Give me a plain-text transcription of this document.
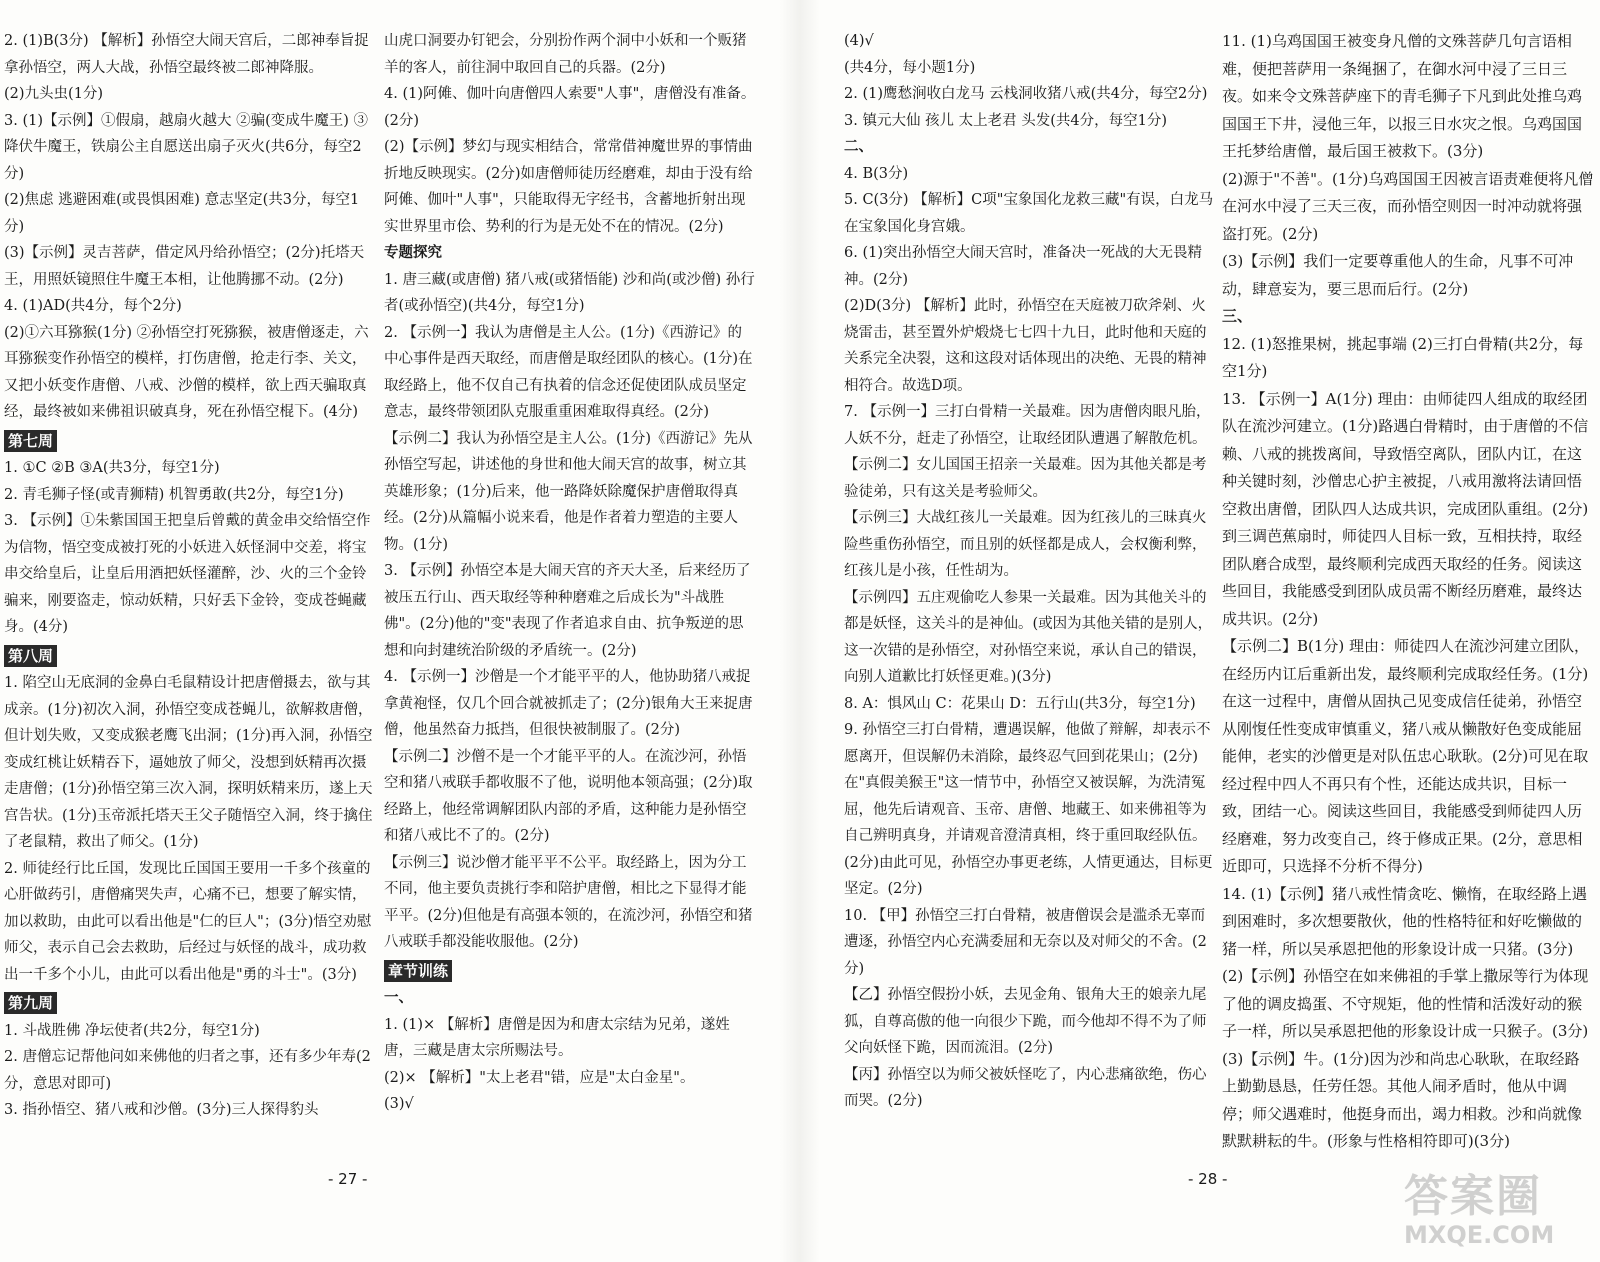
2. (1)B(3分) 【解析】孙悟空大闹天宫后，二郎神奉旨捉拿孙悟空，两人大战，孙悟空最终被二郎神降服。

(2)九头虫(1分)

3. (1)【示例】①假扇，越扇火越大 ②骗(变成牛魔王) ③降伏牛魔王，铁扇公主自愿送出扇子灭火(共6分，每空2分)

(2)焦虑 逃避困难(或畏惧困难) 意志坚定(共3分，每空1分)

(3)【示例】灵吉菩萨，借定风丹给孙悟空；(2分)托塔天王，用照妖镜照住牛魔王本相，让他腾挪不动。(2分)

4. (1)AD(共4分，每个2分)

(2)①六耳猕猴(1分) ②孙悟空打死猕猴，被唐僧逐走，六耳猕猴变作孙悟空的模样，打伤唐僧，抢走行李、关文，又把小妖变作唐僧、八戒、沙僧的模样，欲上西天骗取真经，最终被如来佛祖识破真身，死在孙悟空棍下。(4分)

第七周

1. ①C ②B ③A(共3分，每空1分)

2. 青毛狮子怪(或青狮精) 机智勇敢(共2分，每空1分)

3. 【示例】①朱紫国国王把皇后曾戴的黄金串交给悟空作为信物，悟空变成被打死的小妖进入妖怪洞中交差，将宝串交给皇后，让皇后用酒把妖怪灌醉，沙、火的三个金铃骗来，刚要盗走，惊动妖精，只好丢下金铃，变成苍蝇藏身。(4分)

第八周

1. 陷空山无底洞的金鼻白毛鼠精设计把唐僧摄去，欲与其成亲。(1分)初次入洞，孙悟空变成苍蝇儿，欲解救唐僧，但计划失败，又变成猴老鹰飞出洞；(1分)再入洞，孙悟空变成红桃让妖精吞下，逼她放了师父，没想到妖精再次摄走唐僧；(1分)孙悟空第三次入洞，探明妖精来历，遂上天宫告状。(1分)玉帝派托塔天王父子随悟空入洞，终于擒住了老鼠精，救出了师父。(1分)

2. 师徒经行比丘国，发现比丘国国王要用一千多个孩童的心肝做药引，唐僧痛哭失声，心痛不已，想要了解实情，加以救助，由此可以看出他是"仁的巨人"；(3分)悟空劝慰师父，表示自己会去救助，后经过与妖怪的战斗，成功救出一千多个小儿，由此可以看出他是"勇的斗士"。(3分)

第九周

1. 斗战胜佛 净坛使者(共2分，每空1分)

2. 唐僧忘记帮他问如来佛他的归者之事，还有多少年寿(2分，意思对即可)

3. 指孙悟空、猪八戒和沙僧。(3分)三人探得豹头

山虎口洞要办钉钯会，分别扮作两个洞中小妖和一个贩猪羊的客人，前往洞中取回自己的兵器。(2分)

4. (1)阿傩、伽叶向唐僧四人索要"人事"，唐僧没有准备。(2分)

(2)【示例】梦幻与现实相结合，常常借神魔世界的事情曲折地反映现实。(2分)如唐僧师徒历经磨难，却由于没有给阿傩、伽叶"人事"，只能取得无字经书，含蓄地折射出现实世界里市侩、势利的行为是无处不在的情况。(2分)

专题探究

1. 唐三藏(或唐僧) 猪八戒(或猪悟能) 沙和尚(或沙僧) 孙行者(或孙悟空)(共4分，每空1分)

2. 【示例一】我认为唐僧是主人公。(1分)《西游记》的中心事件是西天取经，而唐僧是取经团队的核心。(1分)在取经路上，他不仅自己有执着的信念还促使团队成员坚定意志，最终带领团队克服重重困难取得真经。(2分)

【示例二】我认为孙悟空是主人公。(1分)《西游记》先从孙悟空写起，讲述他的身世和他大闹天宫的故事，树立其英雄形象；(1分)后来，他一路降妖除魔保护唐僧取得真经。(2分)从篇幅小说来看，他是作者着力塑造的主要人物。(1分)

3. 【示例】孙悟空本是大闹天宫的齐天大圣，后来经历了被压五行山、西天取经等种种磨难之后成长为"斗战胜佛"。(2分)他的"变"表现了作者追求自由、抗争叛逆的思想和向封建统治阶级的矛盾统一。(2分)

4. 【示例一】沙僧是一个才能平平的人，他协助猪八戒捉拿黄袍怪，仅几个回合就被抓走了；(2分)银角大王来捉唐僧，他虽然奋力抵挡，但很快被制服了。(2分)

【示例二】沙僧不是一个才能平平的人。在流沙河，孙悟空和猪八戒联手都收服不了他，说明他本领高强；(2分)取经路上，他经常调解团队内部的矛盾，这种能力是孙悟空和猪八戒比不了的。(2分)

【示例三】说沙僧才能平平不公平。取经路上，因为分工不同，他主要负责挑行李和陪护唐僧，相比之下显得才能平平。(2分)但他是有高强本领的，在流沙河，孙悟空和猪八戒联手都没能收服他。(2分)

章节训练

一、

1. (1)× 【解析】唐僧是因为和唐太宗结为兄弟，遂姓唐，三藏是唐太宗所赐法号。

(2)× 【解析】"太上老君"错，应是"太白金星"。

(3)√

- 27 -

(4)√

(共4分，每小题1分)

2. (1)鹰愁涧收白龙马 云栈洞收猪八戒(共4分，每空2分)

3. 镇元大仙 孩儿 太上老君 头发(共4分，每空1分)

二、

4. B(3分)

5. C(3分) 【解析】C项"宝象国化龙救三藏"有误，白龙马在宝象国化身宫娥。

6. (1)突出孙悟空大闹天宫时，准备决一死战的大无畏精神。(2分)

(2)D(3分) 【解析】此时，孙悟空在天庭被刀砍斧剁、火烧雷击，甚至置外炉煅烧七七四十九日，此时他和天庭的关系完全决裂，这和这段对话体现出的决绝、无畏的精神相符合。故选D项。

7. 【示例一】三打白骨精一关最难。因为唐僧肉眼凡胎，人妖不分，赶走了孙悟空，让取经团队遭遇了解散危机。

【示例二】女儿国国王招亲一关最难。因为其他关都是考验徒弟，只有这关是考验师父。

【示例三】大战红孩儿一关最难。因为红孩儿的三昧真火险些重伤孙悟空，而且别的妖怪都是成人，会权衡利弊，红孩儿是小孩，任性胡为。

【示例四】五庄观偷吃人参果一关最难。因为其他关斗的都是妖怪，这关斗的是神仙。(或因为其他关错的是别人，这一次错的是孙悟空，对孙悟空来说，承认自己的错误，向别人道歉比打妖怪更难。)(3分)

8. A：惧风山 C：花果山 D：五行山(共3分，每空1分)

9. 孙悟空三打白骨精，遭遇误解，他做了辩解，却表示不愿离开，但误解仍未消除，最终忍气回到花果山；(2分)在"真假美猴王"这一情节中，孙悟空又被误解，为洗清冤屈，他先后请观音、玉帝、唐僧、地藏王、如来佛祖等为自己辨明真身，并请观音澄清真相，终于重回取经队伍。(2分)由此可见，孙悟空办事更老练，人情更通达，目标更坚定。(2分)

10. 【甲】孙悟空三打白骨精，被唐僧误会是滥杀无辜而遭逐，孙悟空内心充满委屈和无奈以及对师父的不舍。(2分)

【乙】孙悟空假扮小妖，去见金角、银角大王的娘亲九尾狐，自尊高傲的他一向很少下跪，而今他却不得不为了师父向妖怪下跪，因而流泪。(2分)

【丙】孙悟空以为师父被妖怪吃了，内心悲痛欲绝，伤心而哭。(2分)

11. (1)乌鸡国国王被变身凡僧的文殊菩萨几句言语相难，便把菩萨用一条绳捆了，在御水河中浸了三日三夜。如来令文殊菩萨座下的青毛狮子下凡到此处推乌鸡国国王下井，浸他三年，以报三日水灾之恨。乌鸡国国王托梦给唐僧，最后国王被救下。(3分)

(2)源于"不善"。(1分)乌鸡国国王因被言语责难便将凡僧在河水中浸了三天三夜，而孙悟空则因一时冲动就将强盗打死。(2分)

(3)【示例】我们一定要尊重他人的生命，凡事不可冲动，肆意妄为，要三思而后行。(2分)

三、

12. (1)怒推果树，挑起事端 (2)三打白骨精(共2分，每空1分)

13. 【示例一】A(1分) 理由：由师徒四人组成的取经团队在流沙河建立。(1分)路遇白骨精时，由于唐僧的不信赖、八戒的挑拨离间，导致悟空离队，团队内讧，在这种关键时刻，沙僧忠心护主被捉，八戒用激将法请回悟空救出唐僧，团队四人达成共识，完成团队重组。(2分)到三调芭蕉扇时，师徒四人目标一致，互相扶持，取经团队磨合成型，最终顺利完成西天取经的任务。阅读这些回目，我能感受到团队成员需不断经历磨难，最终达成共识。(2分)

【示例二】B(1分) 理由：师徒四人在流沙河建立团队，在经历内讧后重新出发，最终顺利完成取经任务。(1分)在这一过程中，唐僧从固执己见变成信任徒弟，孙悟空从刚愎任性变成审慎重义，猪八戒从懒散好色变成能屈能伸，老实的沙僧更是对队伍忠心耿耿。(2分)可见在取经过程中四人不再只有个性，还能达成共识，目标一致，团结一心。阅读这些回目，我能感受到师徒四人历经磨难，努力改变自己，终于修成正果。(2分，意思相近即可，只选择不分析不得分)

14. (1)【示例】猪八戒性情贪吃、懒惰，在取经路上遇到困难时，多次想要散伙，他的性格特征和好吃懒做的猪一样，所以吴承恩把他的形象设计成一只猪。(3分)

(2)【示例】孙悟空在如来佛祖的手掌上撒尿等行为体现了他的调皮捣蛋、不守规矩，他的性情和活泼好动的猴子一样，所以吴承恩把他的形象设计成一只猴子。(3分)

(3)【示例】牛。(1分)因为沙和尚忠心耿耿，在取经路上勤勤恳恳，任劳任怨。其他人闹矛盾时，他从中调停；师父遇难时，他挺身而出，竭力相救。沙和尚就像默默耕耘的牛。(形象与性格相符即可)(3分)

- 28 -	答案圈
MXQE.COM
